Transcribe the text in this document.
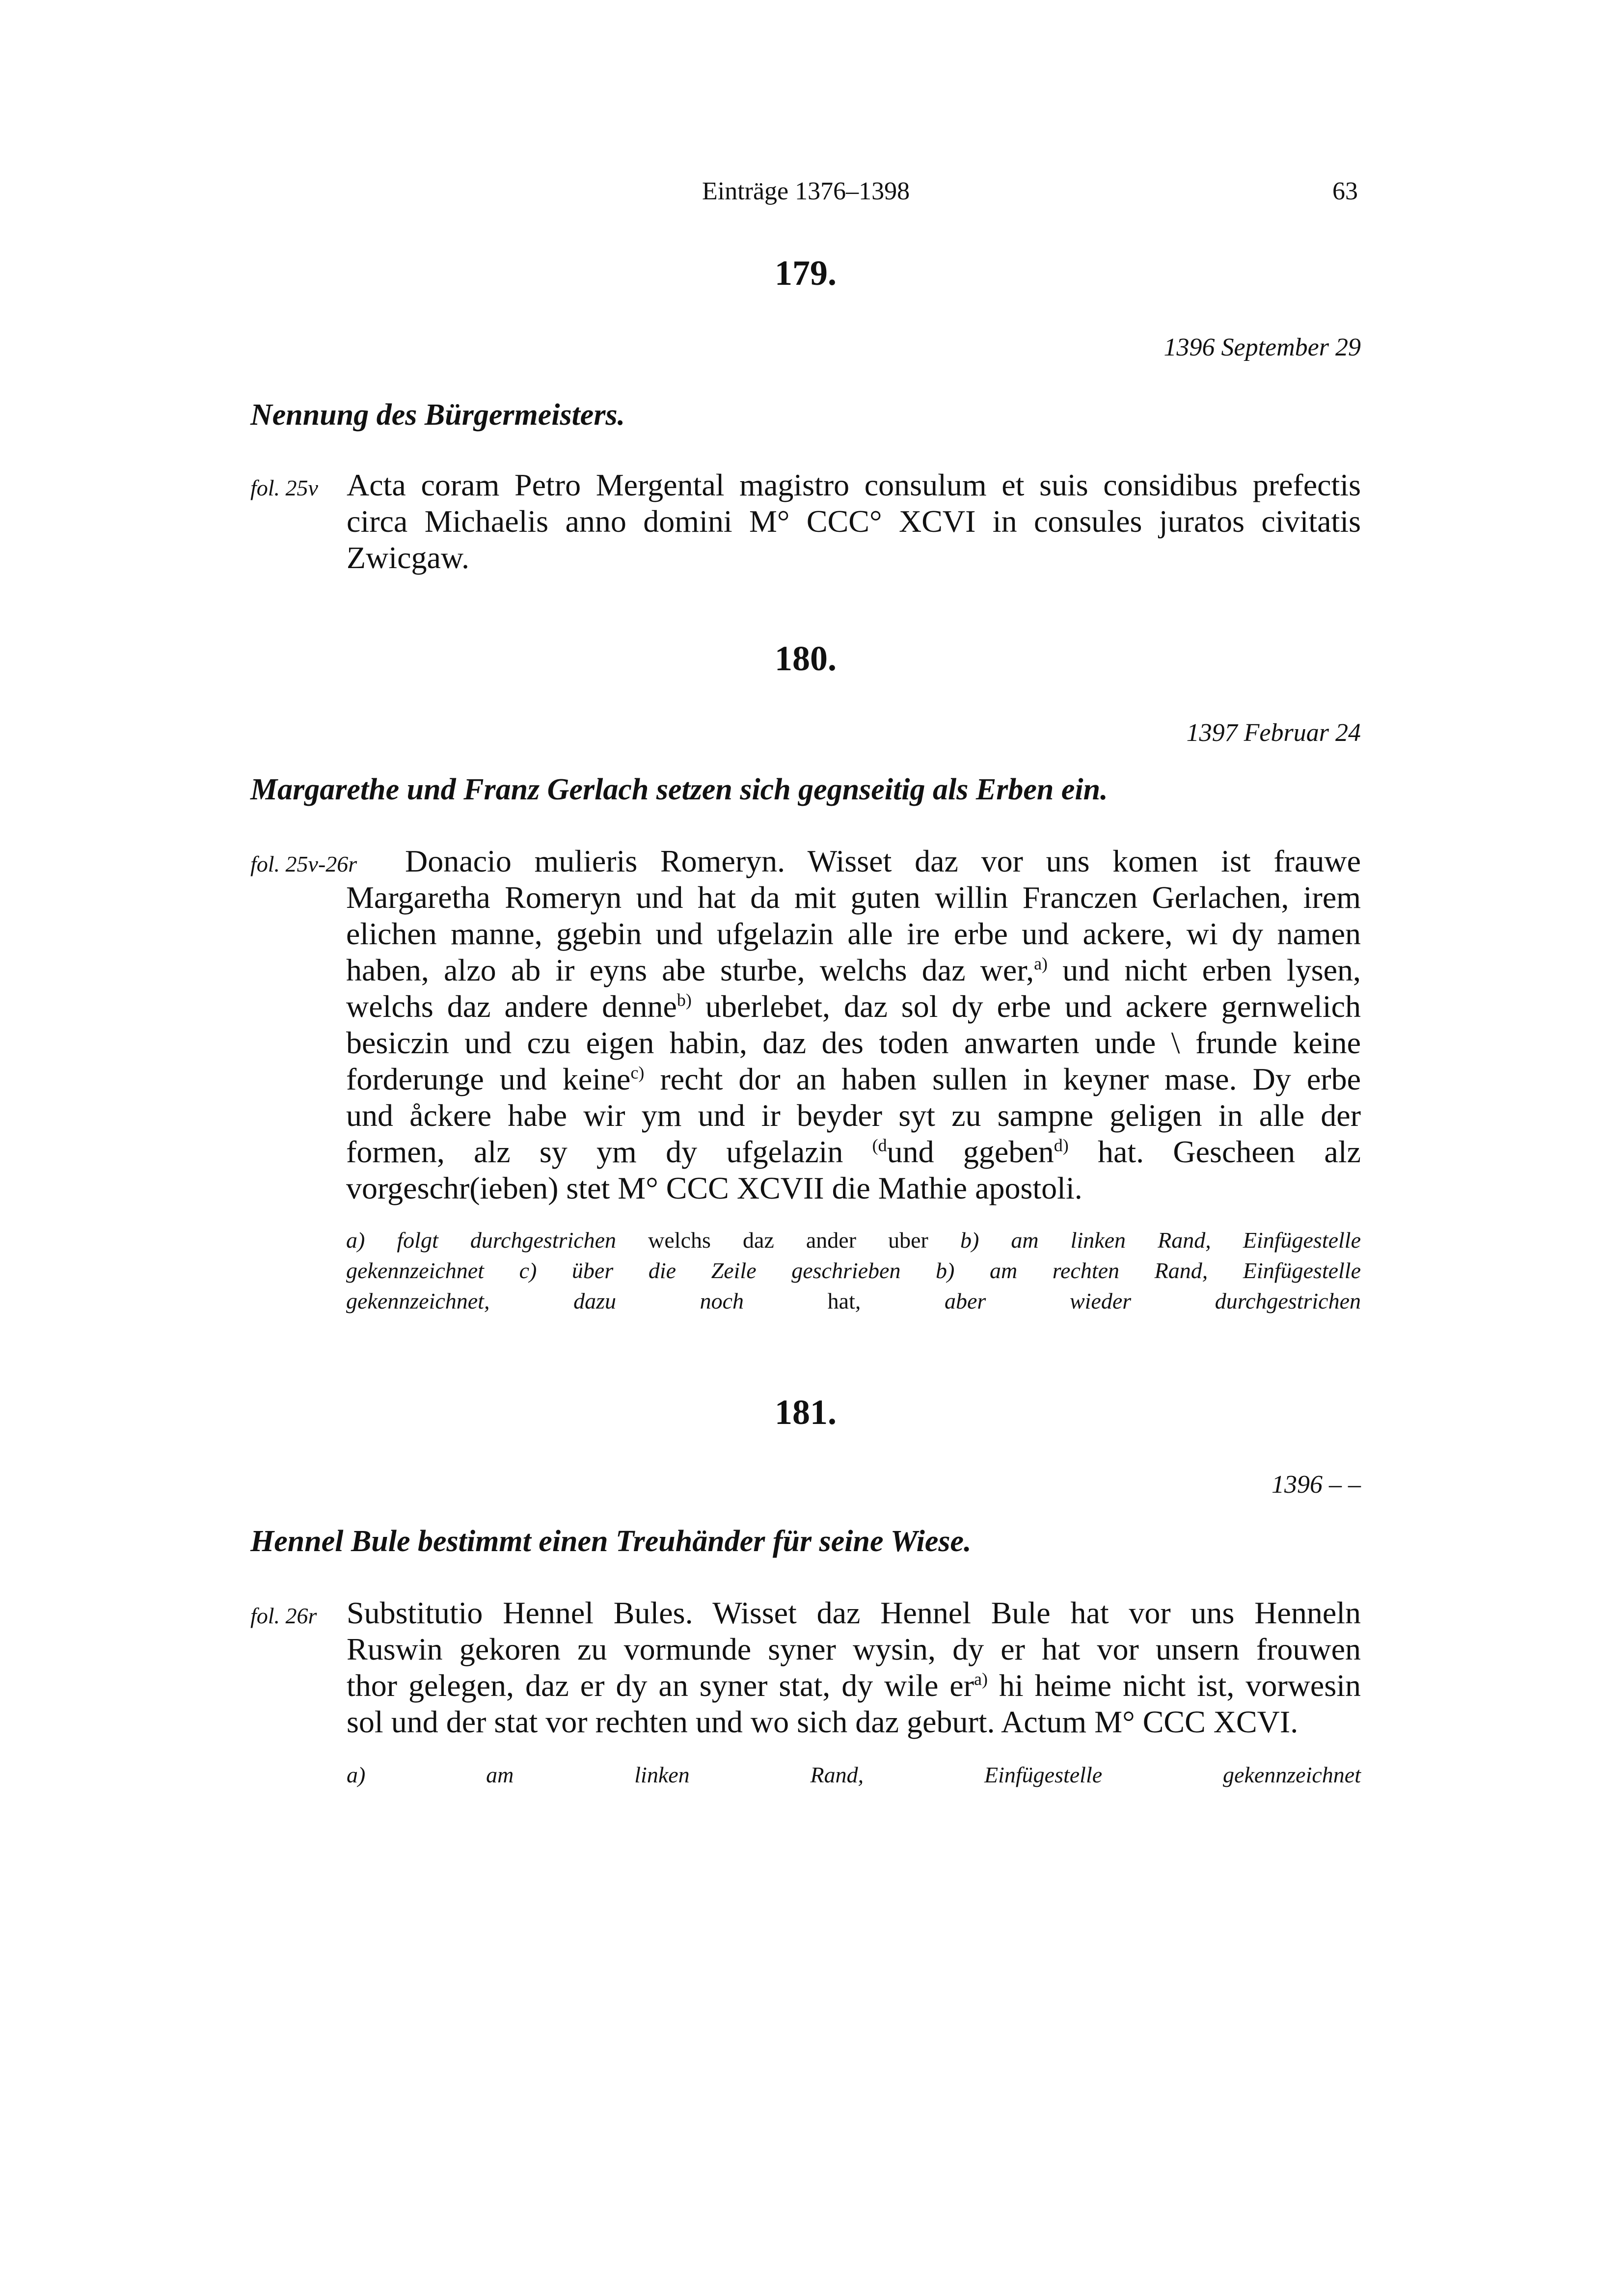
Einträge 1376–1398	63

179.

1396 September 29

Nennung des Bürgermeisters.

fol. 25v Acta coram Petro Mergental magistro consulum et suis considibus prefectis
circa Michaelis anno domini M° CCC° XCVI in consules juratos civitatis
Zwicgaw.

180.

1397 Februar 24

Margarethe und Franz Gerlach setzen sich gegnseitig als Erben ein.

fol. 25v-26r Donacio mulieris Romeryn. Wisset daz vor uns komen ist frauwe
Margaretha Romeryn und hat da mit guten willin Franczen Gerlachen, irem
elichen manne, ggebin und ufgelazin alle ire erbe und ackere, wi dy namen
haben, alzo ab ir eyns abe sturbe, welchs daz wer,$^{a)}$ und nicht erben lysen,
welchs daz andere denne$^{b)}$ uberlebet, daz sol dy erbe und ackere gernwelich
besiczin und czu eigen habin, daz des toden anwarten unde \ frunde keine
forderunge und keine$^{c)}$ recht dor an haben sullen in keyner mase. Dy erbe
und åckere habe wir ym und ir beyder syt zu sampne geligen in alle der
formen, alz sy ym dy ufgelazin $^{(d}$und ggeben$^{d)}$ hat. Gescheen alz
vorgeschr(ieben) stet M° CCC XCVII die Mathie apostoli.
a) folgt durchgestrichen welchs daz ander uber b) am linken Rand, Einfügestelle
gekennzeichnet c) über die Zeile geschrieben b) am rechten Rand, Einfügestelle
gekennzeichnet, dazu noch hat, aber wieder durchgestrichen

181.

1396 – –

Hennel Bule bestimmt einen Treuhänder für seine Wiese.

fol. 26r Substitutio Hennel Bules. Wisset daz Hennel Bule hat vor uns Henneln
Ruswin gekoren zu vormunde syner wysin, dy er hat vor unsern frouwen
thor gelegen, daz er dy an syner stat, dy wile $er^{a)}$ hi heime nicht ist, vorwesin
sol und der stat vor rechten und wo sich daz geburt. Actum M° CCC XCVI.
a) am linken Rand, Einfügestelle gekennzeichnet
